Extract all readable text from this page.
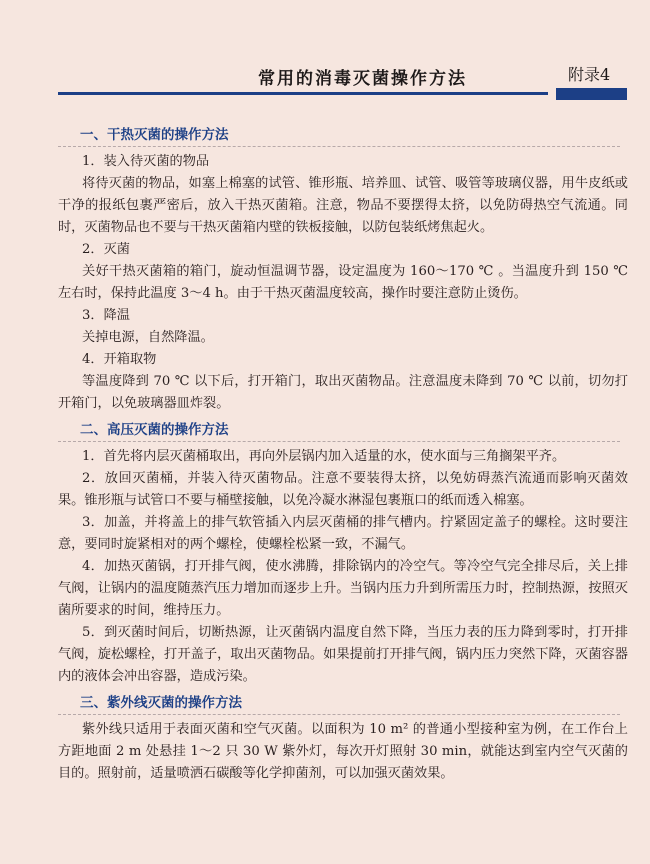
常用的消毒灭菌操作方法	附录4
一、干热灭菌的操作方法

1．装入待灭菌的物品

将待灭菌的物品，如塞上棉塞的试管、锥形瓶、培养皿、试管、吸管等玻璃仪器，用牛皮纸或干净的报纸包裹严密后，放入干热灭菌箱。注意，物品不要摆得太挤，以免防碍热空气流通。同时，灭菌物品也不要与干热灭菌箱内壁的铁板接触，以防包装纸烤焦起火。

2．灭菌

关好干热灭菌箱的箱门，旋动恒温调节器，设定温度为 160～170 ℃ 。当温度升到 150 ℃ 左右时，保持此温度 3～4 h。由于干热灭菌温度较高，操作时要注意防止烫伤。

3．降温

关掉电源，自然降温。

4．开箱取物

等温度降到 70 ℃ 以下后，打开箱门，取出灭菌物品。注意温度未降到 70 ℃ 以前，切勿打开箱门，以免玻璃器皿炸裂。

二、高压灭菌的操作方法

1．首先将内层灭菌桶取出，再向外层锅内加入适量的水，使水面与三角搁架平齐。

2．放回灭菌桶，并装入待灭菌物品。注意不要装得太挤，以免妨碍蒸汽流通而影响灭菌效果。锥形瓶与试管口不要与桶壁接触，以免冷凝水淋湿包裹瓶口的纸而透入棉塞。

3．加盖，并将盖上的排气软管插入内层灭菌桶的排气槽内。拧紧固定盖子的螺栓。这时要注意，要同时旋紧相对的两个螺栓，使螺栓松紧一致，不漏气。

4．加热灭菌锅，打开排气阀，使水沸腾，排除锅内的冷空气。等冷空气完全排尽后，关上排气阀，让锅内的温度随蒸汽压力增加而逐步上升。当锅内压力升到所需压力时，控制热源，按照灭菌所要求的时间，维持压力。

5．到灭菌时间后，切断热源，让灭菌锅内温度自然下降，当压力表的压力降到零时，打开排气阀，旋松螺栓，打开盖子，取出灭菌物品。如果提前打开排气阀，锅内压力突然下降，灭菌容器内的液体会冲出容器，造成污染。

三、紫外线灭菌的操作方法

紫外线只适用于表面灭菌和空气灭菌。以面积为 10 m² 的普通小型接种室为例，在工作台上方距地面 2 m 处悬挂 1～2 只 30 W 紫外灯，每次开灯照射 30 min，就能达到室内空气灭菌的目的。照射前，适量喷洒石碳酸等化学抑菌剂，可以加强灭菌效果。
